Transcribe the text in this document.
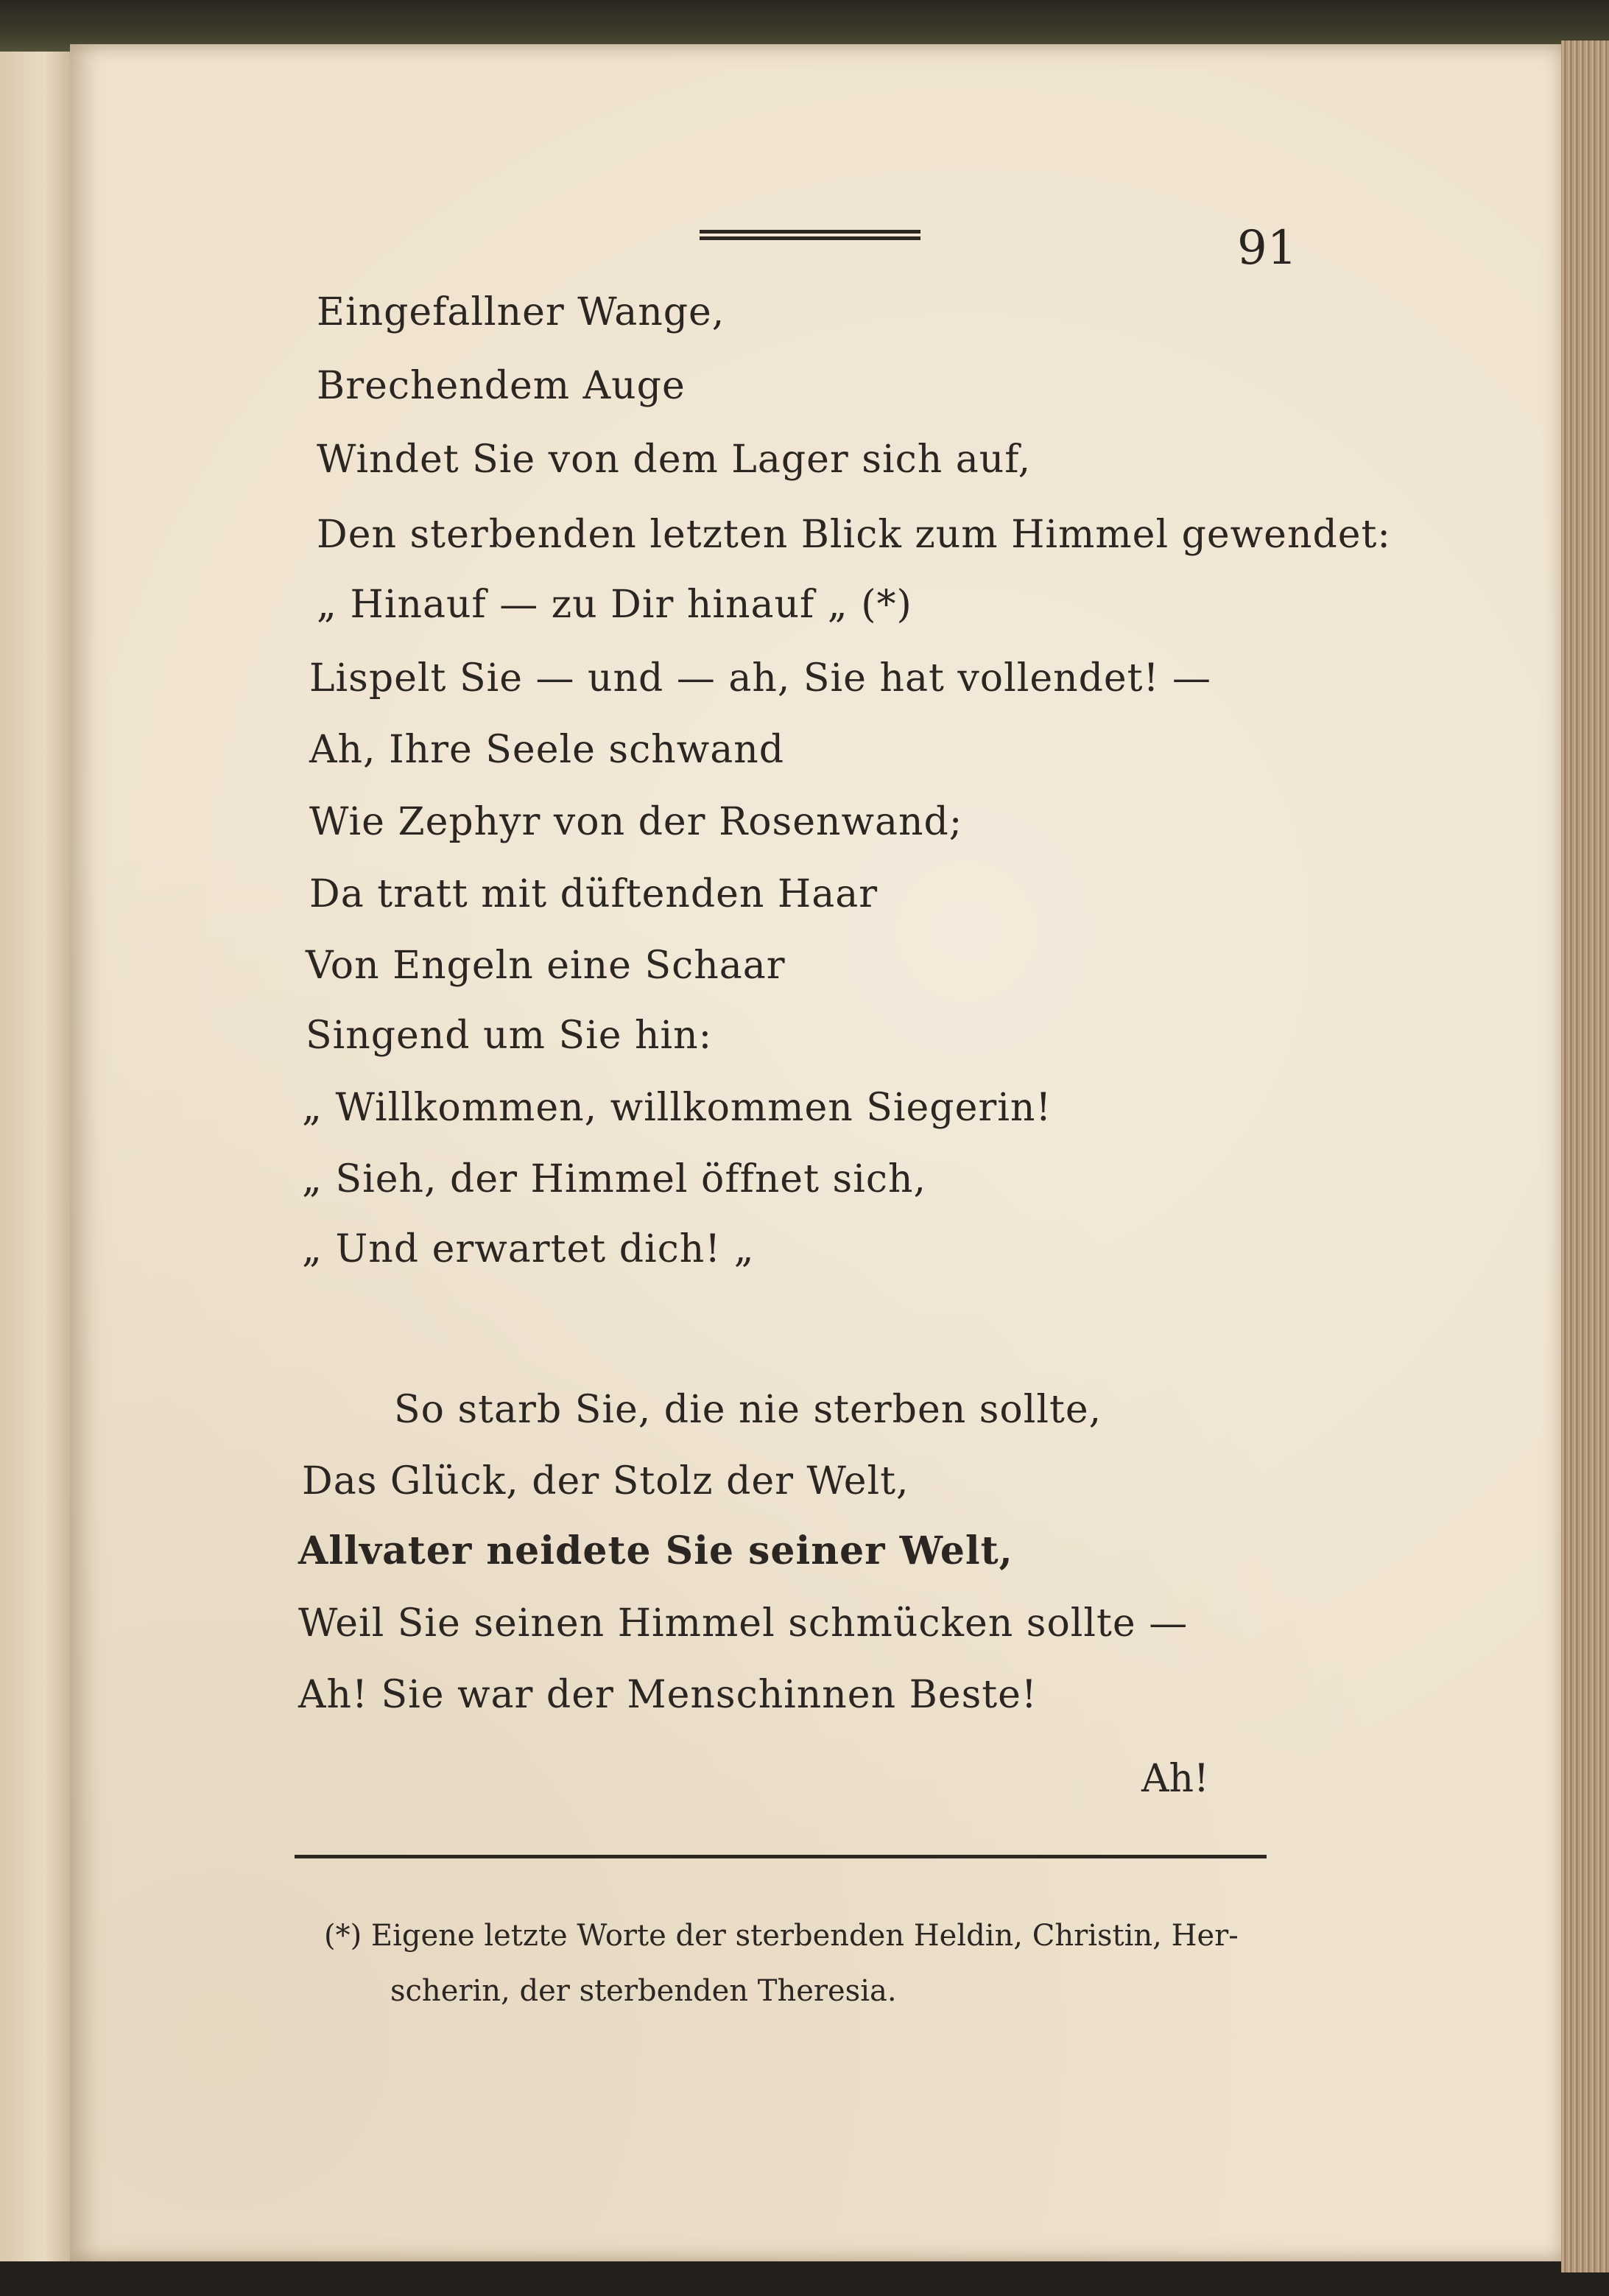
91

Eingefallner Wange,
Brechendem Auge
Windet Sie von dem Lager sich auf,
Den sterbenden letzten Blick zum Himmel gewendet:
„ Hinauf — zu Dir hinauf „ (*)
Lispelt Sie — und — ah, Sie hat vollendet! —
Ah, Ihre Seele schwand
Wie Zephyr von der Rosenwand;
Da tratt mit düftenden Haar
Von Engeln eine Schaar
Singend um Sie hin:
„ Willkommen, willkommen Siegerin!
„ Sieh, der Himmel öffnet sich,
„ Und erwartet dich! „
So starb Sie, die nie sterben sollte,
Das Glück, der Stolz der Welt,
Allvater neidete Sie seiner Welt,
Weil Sie seinen Himmel schmücken sollte —
Ah! Sie war der Menschinnen Beste!

Ah!

(*) Eigene letzte Worte der sterbenden Heldin, Christin, Her-

scherin, der sterbenden Theresia.
